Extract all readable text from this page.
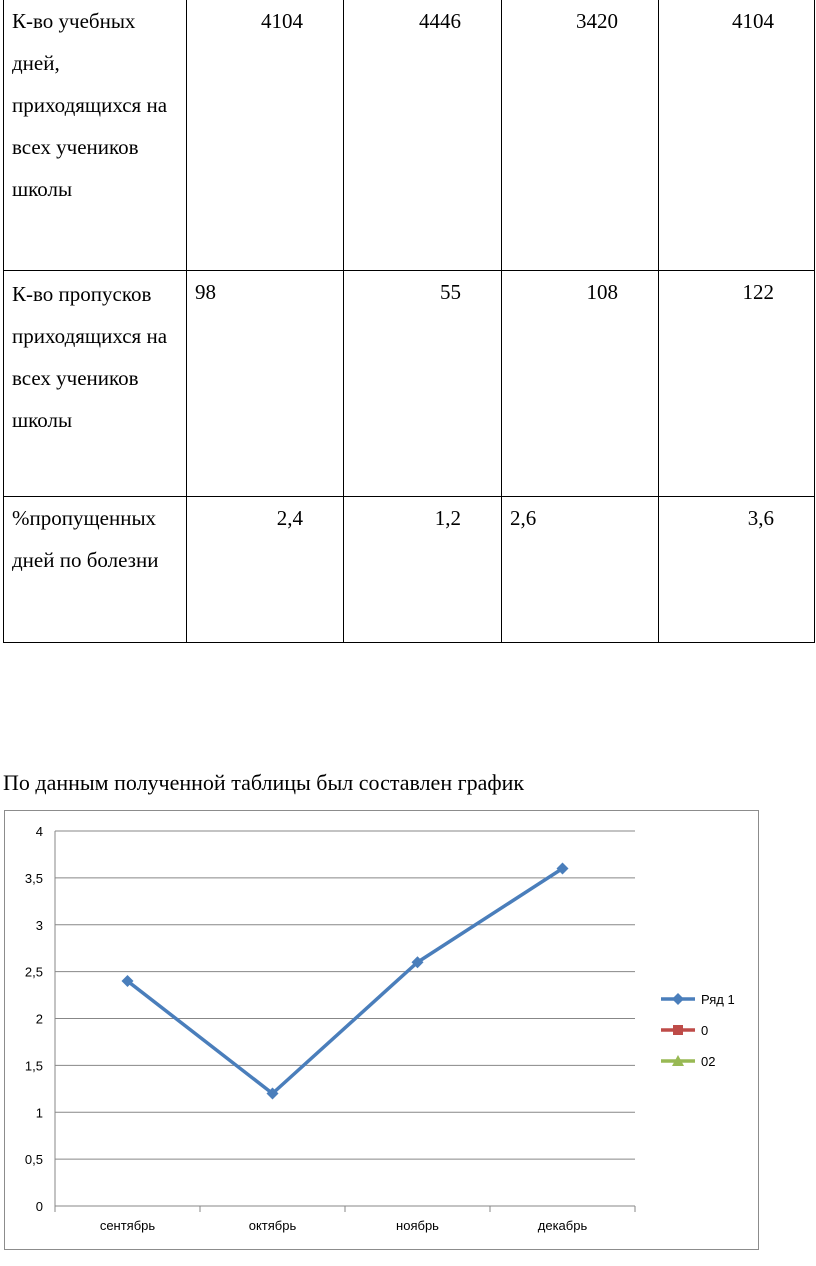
К-во учебных дней, приходящихся на всех учеников школы	4104	4446	3420	4104
К-во пропусков приходящихся на всех учеников школы	98	55	108	122
%пропущенных дней по болезни	2,4	1,2	2,6	3,6
По данным полученной таблицы был составлен график
0
0,5
1
1,5
2
2,5
3
3,5
4
сентябрь	октябрь	ноябрь	декабрь
Ряд 1
0
02
